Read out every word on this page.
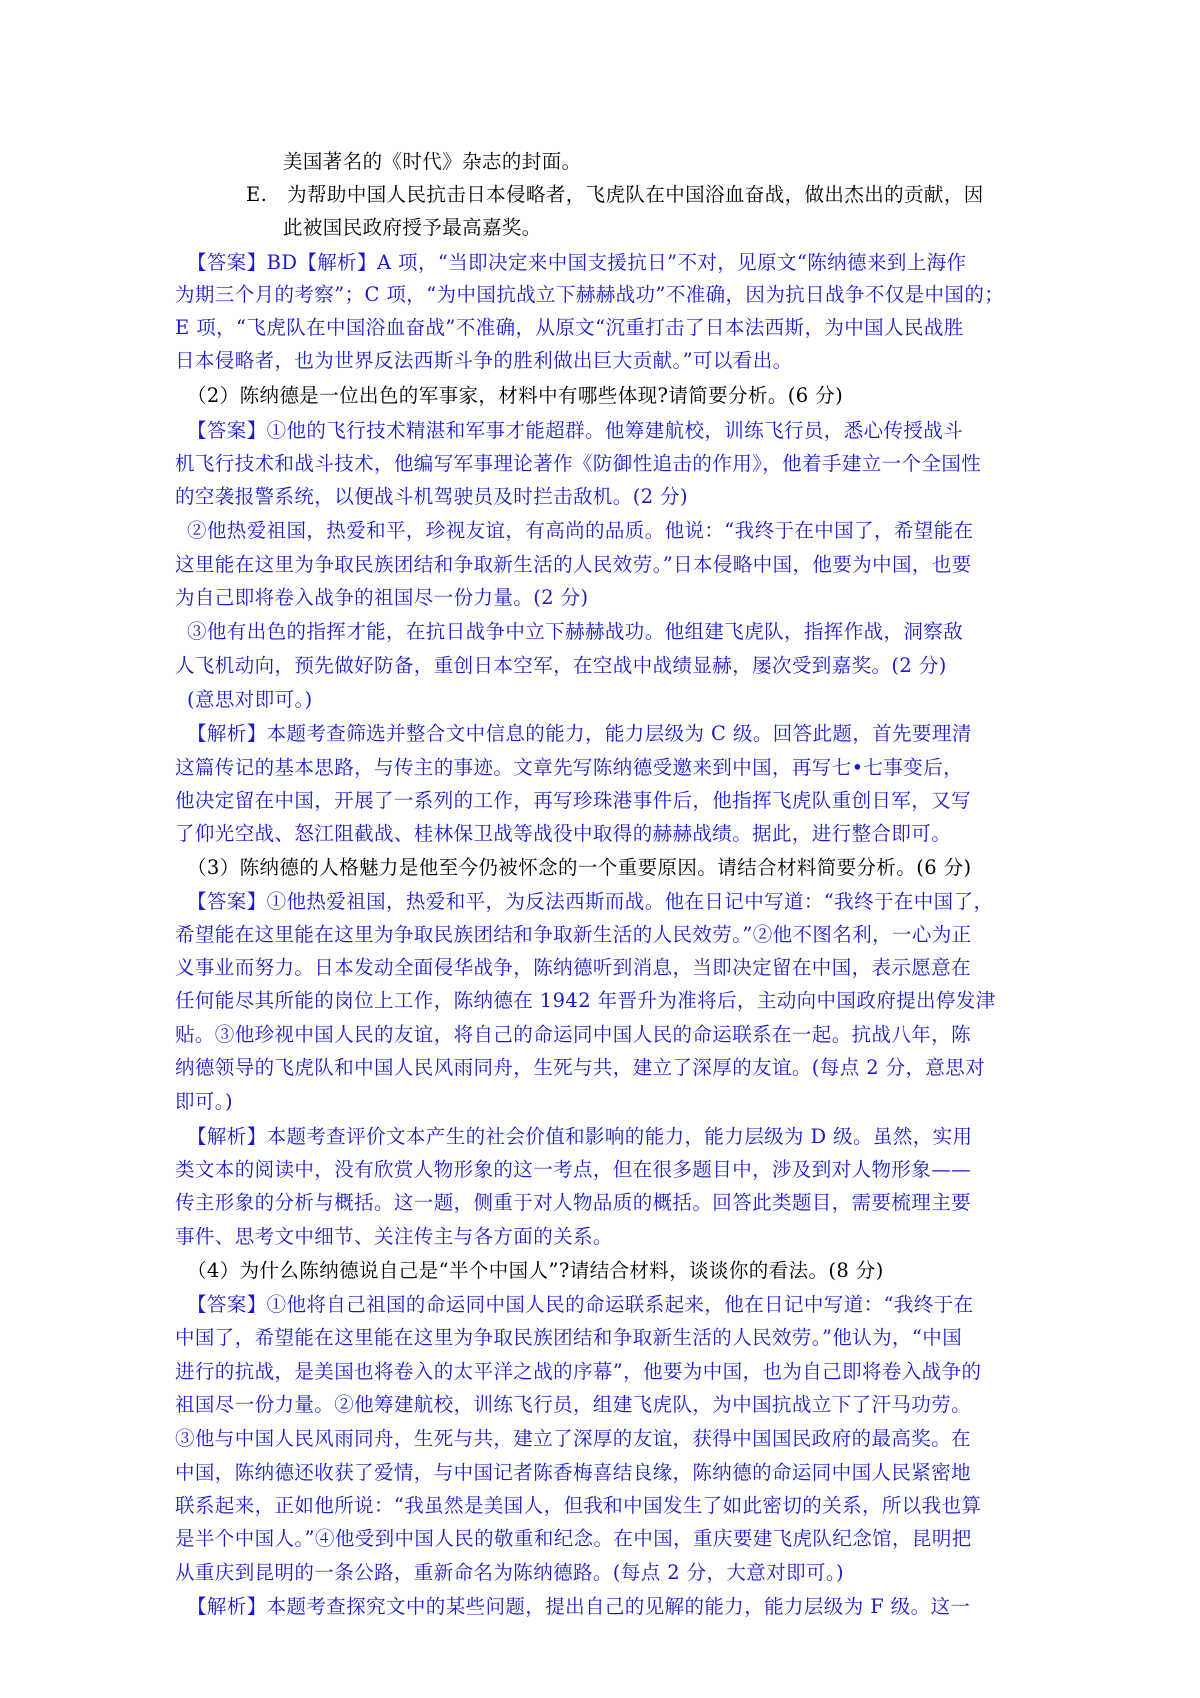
美国著名的《时代》杂志的封面。
E.　为帮助中国人民抗击日本侵略者，飞虎队在中国浴血奋战，做出杰出的贡献，因
此被国民政府授予最高嘉奖。
【答案】BD【解析】A 项，“当即决定来中国支援抗日”不对，见原文“陈纳德来到上海作
为期三个月的考察”；C 项，“为中国抗战立下赫赫战功”不准确，因为抗日战争不仅是中国的；
E 项，“飞虎队在中国浴血奋战”不准确，从原文“沉重打击了日本法西斯，为中国人民战胜
日本侵略者，也为世界反法西斯斗争的胜利做出巨大贡献。”可以看出。
（2）陈纳德是一位出色的军事家，材料中有哪些体现?请简要分析。(6 分)
【答案】①他的飞行技术精湛和军事才能超群。他筹建航校，训练飞行员，悉心传授战斗
机飞行技术和战斗技术，他编写军事理论著作《防御性追击的作用》，他着手建立一个全国性
的空袭报警系统，以便战斗机驾驶员及时拦击敌机。(2 分)
②他热爱祖国，热爱和平，珍视友谊，有高尚的品质。他说：“我终于在中国了，希望能在
这里能在这里为争取民族团结和争取新生活的人民效劳。”日本侵略中国，他要为中国，也要
为自己即将卷入战争的祖国尽一份力量。(2 分)
③他有出色的指挥才能，在抗日战争中立下赫赫战功。他组建飞虎队，指挥作战，洞察敌
人飞机动向，预先做好防备，重创日本空军，在空战中战绩显赫，屡次受到嘉奖。(2 分)
(意思对即可。)
【解析】本题考查筛选并整合文中信息的能力，能力层级为 C 级。回答此题，首先要理清
这篇传记的基本思路，与传主的事迹。文章先写陈纳德受邀来到中国，再写七•七事变后，
他决定留在中国，开展了一系列的工作，再写珍珠港事件后，他指挥飞虎队重创日军，又写
了仰光空战、怒江阻截战、桂林保卫战等战役中取得的赫赫战绩。据此，进行整合即可。
（3）陈纳德的人格魅力是他至今仍被怀念的一个重要原因。请结合材料简要分析。(6 分)
【答案】①他热爱祖国，热爱和平，为反法西斯而战。他在日记中写道：“我终于在中国了，
希望能在这里能在这里为争取民族团结和争取新生活的人民效劳。”②他不图名利，一心为正
义事业而努力。日本发动全面侵华战争，陈纳德听到消息，当即决定留在中国，表示愿意在
任何能尽其所能的岗位上工作，陈纳德在 1942 年晋升为准将后，主动向中国政府提出停发津
贴。③他珍视中国人民的友谊，将自己的命运同中国人民的命运联系在一起。抗战八年，陈
纳德领导的飞虎队和中国人民风雨同舟，生死与共，建立了深厚的友谊。(每点 2 分，意思对
即可。)
【解析】本题考查评价文本产生的社会价值和影响的能力，能力层级为 D 级。虽然，实用
类文本的阅读中，没有欣赏人物形象的这一考点，但在很多题目中，涉及到对人物形象——
传主形象的分析与概括。这一题，侧重于对人物品质的概括。回答此类题目，需要梳理主要
事件、思考文中细节、关注传主与各方面的关系。
（4）为什么陈纳德说自己是“半个中国人”?请结合材料，谈谈你的看法。(8 分)
【答案】①他将自己祖国的命运同中国人民的命运联系起来，他在日记中写道：“我终于在
中国了，希望能在这里能在这里为争取民族团结和争取新生活的人民效劳。”他认为，“中国
进行的抗战，是美国也将卷入的太平洋之战的序幕”，他要为中国，也为自己即将卷入战争的
祖国尽一份力量。②他筹建航校，训练飞行员，组建飞虎队，为中国抗战立下了汗马功劳。
③他与中国人民风雨同舟，生死与共，建立了深厚的友谊，获得中国国民政府的最高奖。在
中国，陈纳德还收获了爱情，与中国记者陈香梅喜结良缘，陈纳德的命运同中国人民紧密地
联系起来，正如他所说：“我虽然是美国人，但我和中国发生了如此密切的关系，所以我也算
是半个中国人。”④他受到中国人民的敬重和纪念。在中国，重庆要建飞虎队纪念馆，昆明把
从重庆到昆明的一条公路，重新命名为陈纳德路。(每点 2 分，大意对即可。)
【解析】本题考查探究文中的某些问题，提出自己的见解的能力，能力层级为 F 级。这一
